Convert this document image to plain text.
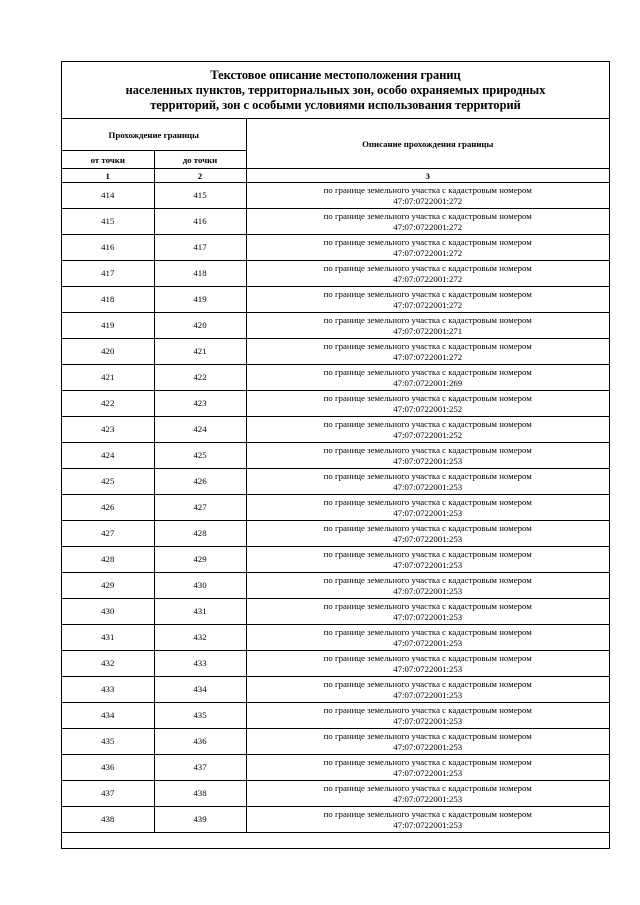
Текстовое описание местоположения границ
населенных пунктов, территориальных зон, особо охраняемых природных
территорий, зон с особыми условиями использования территорий
Прохождение границы		Описание прохождения границы
от точки	до точки	
1	2	3
414	415	по границе земельного участка с кадастровым номером
47:07:0722001:272

415	416	по границе земельного участка с кадастровым номером
47:07:0722001:272

416	417	по границе земельного участка с кадастровым номером
47:07:0722001:272

417	418	по границе земельного участка с кадастровым номером
47:07:0722001:272

418	419	по границе земельного участка с кадастровым номером
47:07:0722001:272

419	420	по границе земельного участка с кадастровым номером
47:07:0722001:271

420	421	по границе земельного участка с кадастровым номером
47:07:0722001:272

421	422	по границе земельного участка с кадастровым номером
47:07:0722001:269

422	423	по границе земельного участка с кадастровым номером
47:07:0722001:252

423	424	по границе земельного участка с кадастровым номером
47:07:0722001:252

424	425	по границе земельного участка с кадастровым номером
47:07:0722001:253

425	426	по границе земельного участка с кадастровым номером
47:07:0722001:253

426	427	по границе земельного участка с кадастровым номером
47:07:0722001:253

427	428	по границе земельного участка с кадастровым номером
47:07:0722001:253

428	429	по границе земельного участка с кадастровым номером
47:07:0722001:253

429	430	по границе земельного участка с кадастровым номером
47:07:0722001:253

430	431	по границе земельного участка с кадастровым номером
47:07:0722001:253

431	432	по границе земельного участка с кадастровым номером
47:07:0722001:253

432	433	по границе земельного участка с кадастровым номером
47:07:0722001:253

433	434	по границе земельного участка с кадастровым номером
47:07:0722001:253

434	435	по границе земельного участка с кадастровым номером
47:07:0722001:253

435	436	по границе земельного участка с кадастровым номером
47:07:0722001:253

436	437	по границе земельного участка с кадастровым номером
47:07:0722001:253

437	438	по границе земельного участка с кадастровым номером
47:07:0722001:253

438	439	по границе земельного участка с кадастровым номером
47:07:0722001:253
